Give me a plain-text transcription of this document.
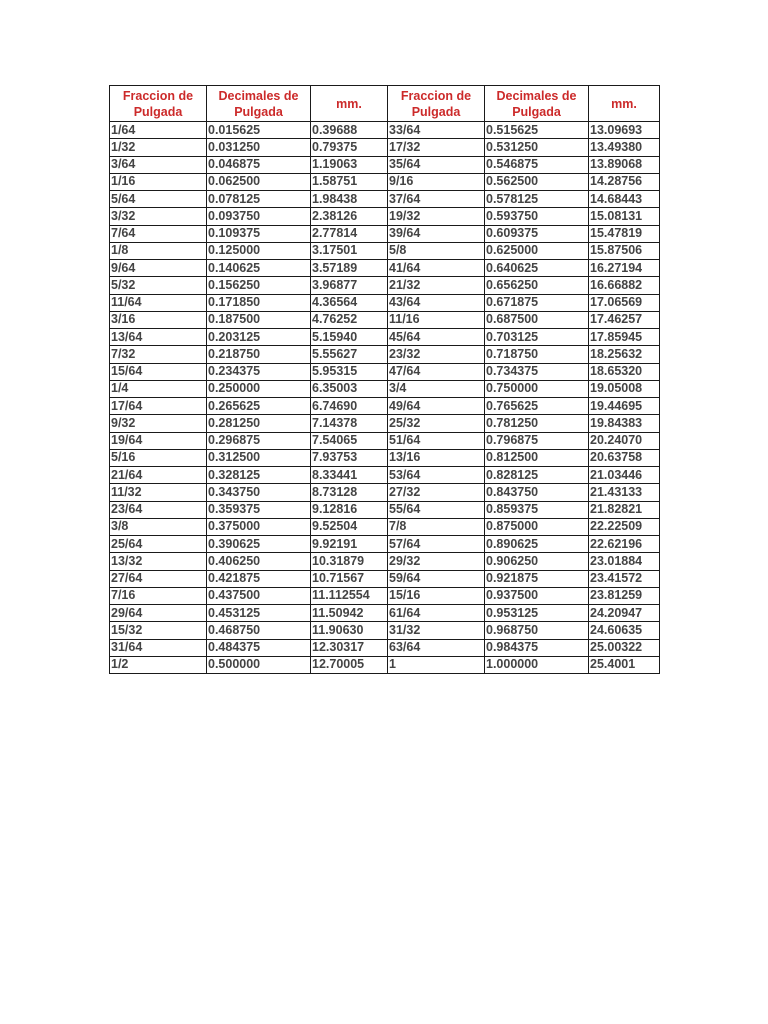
Fraccion de Pulgada	Decimales de Pulgada	mm.	Fraccion de Pulgada	Decimales de Pulgada	mm.
1/64	0.015625	0.39688	33/64	0.515625	13.09693
1/32	0.031250	0.79375	17/32	0.531250	13.49380
3/64	0.046875	1.19063	35/64	0.546875	13.89068
1/16	0.062500	1.58751	9/16	0.562500	14.28756
5/64	0.078125	1.98438	37/64	0.578125	14.68443
3/32	0.093750	2.38126	19/32	0.593750	15.08131
7/64	0.109375	2.77814	39/64	0.609375	15.47819
1/8	0.125000	3.17501	5/8	0.625000	15.87506
9/64	0.140625	3.57189	41/64	0.640625	16.27194
5/32	0.156250	3.96877	21/32	0.656250	16.66882
11/64	0.171850	4.36564	43/64	0.671875	17.06569
3/16	0.187500	4.76252	11/16	0.687500	17.46257
13/64	0.203125	5.15940	45/64	0.703125	17.85945
7/32	0.218750	5.55627	23/32	0.718750	18.25632
15/64	0.234375	5.95315	47/64	0.734375	18.65320
1/4	0.250000	6.35003	3/4	0.750000	19.05008
17/64	0.265625	6.74690	49/64	0.765625	19.44695
9/32	0.281250	7.14378	25/32	0.781250	19.84383
19/64	0.296875	7.54065	51/64	0.796875	20.24070
5/16	0.312500	7.93753	13/16	0.812500	20.63758
21/64	0.328125	8.33441	53/64	0.828125	21.03446
11/32	0.343750	8.73128	27/32	0.843750	21.43133
23/64	0.359375	9.12816	55/64	0.859375	21.82821
3/8	0.375000	9.52504	7/8	0.875000	22.22509
25/64	0.390625	9.92191	57/64	0.890625	22.62196
13/32	0.406250	10.31879	29/32	0.906250	23.01884
27/64	0.421875	10.71567	59/64	0.921875	23.41572
7/16	0.437500	11.112554	15/16	0.937500	23.81259
29/64	0.453125	11.50942	61/64	0.953125	24.20947
15/32	0.468750	11.90630	31/32	0.968750	24.60635
31/64	0.484375	12.30317	63/64	0.984375	25.00322
1/2	0.500000	12.70005	1	1.000000	25.4001
